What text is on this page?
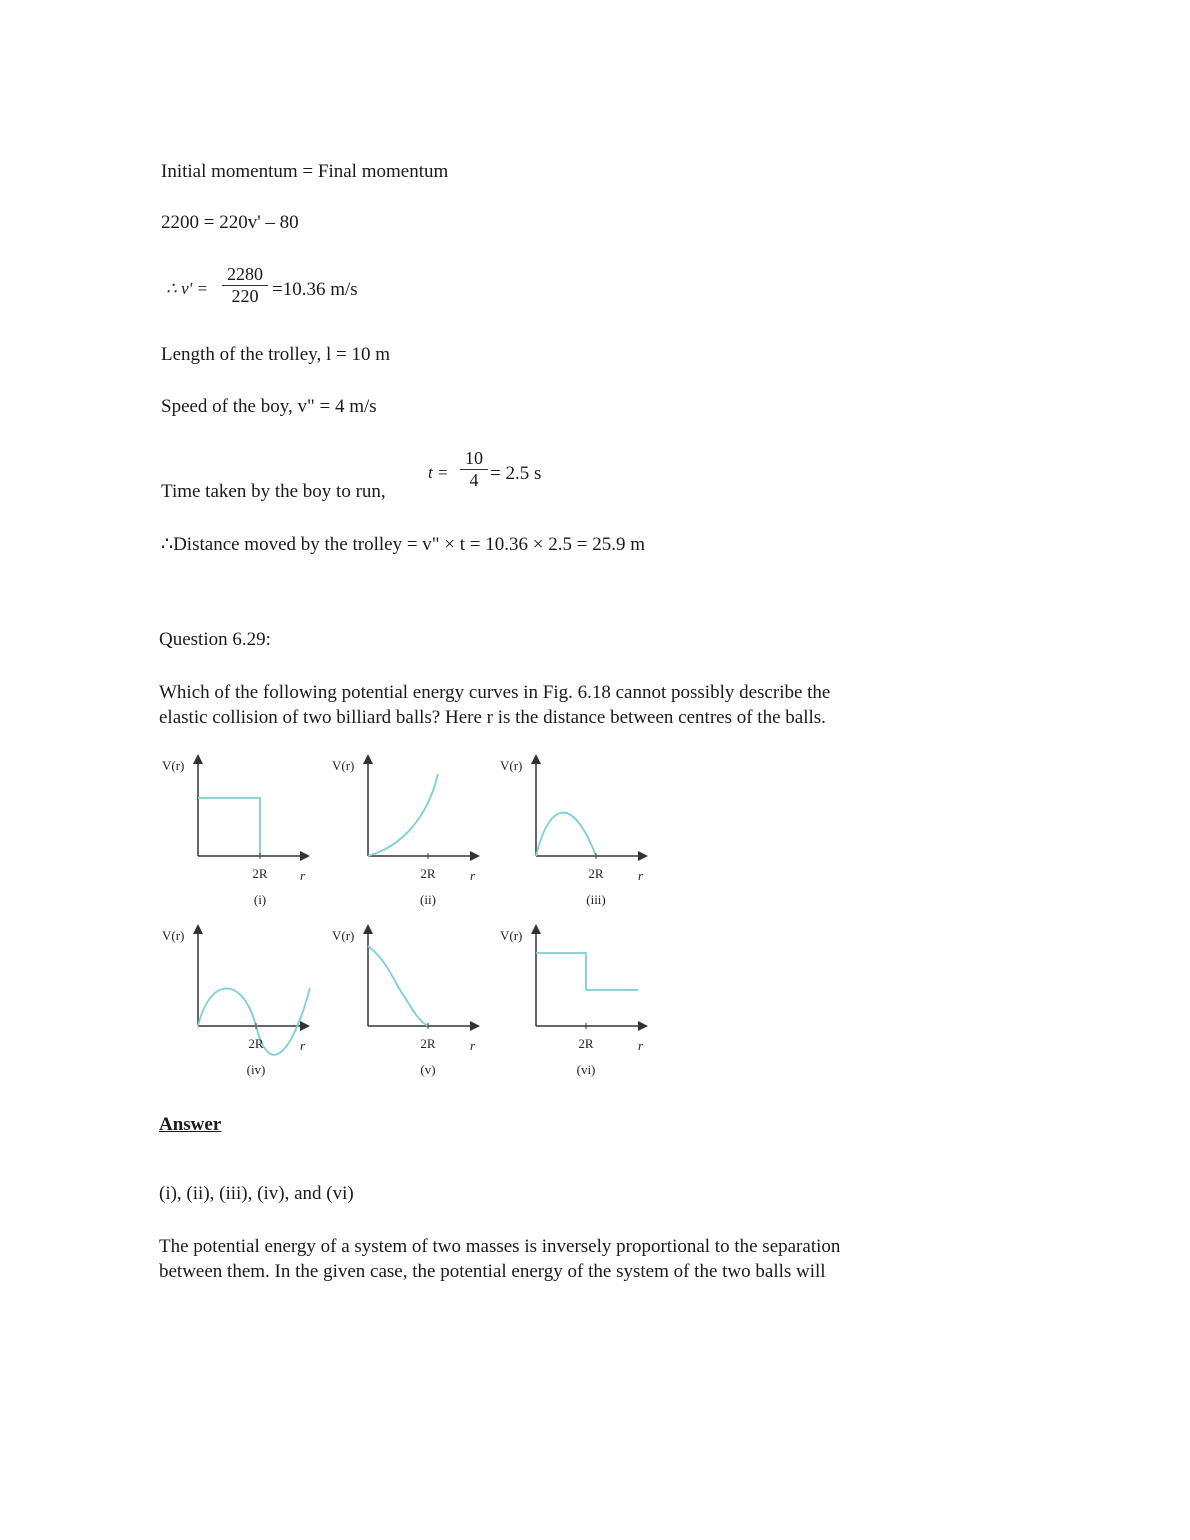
Initial momentum = Final momentum
2200 = 220v' – 80
∴ $v' = \frac{2280}{220} =10.36$ m/s
Length of the trolley, l = 10 m
Speed of the boy, v" = 4 m/s
Time taken by the boy to run,
$t = \frac{10}{4} = 2.5$ s
∴Distance moved by the trolley = v" × t = 10.36 × 2.5 = 25.9 m
Question 6.29:
Which of the following potential energy curves in Fig. 6.18 cannot possibly describe the
elastic collision of two billiard balls? Here r is the distance between centres of the balls.
V(r)
r
2R
(i)
V(r)
r
2R
(ii)
V(r)
r
2R
(iii)
V(r)
r
2R
(iv)
V(r)
r
2R
(v)
V(r)
r
2R
(vi)
Answer
(i), (ii), (iii), (iv), and (vi)
The potential energy of a system of two masses is inversely proportional to the separation
between them. In the given case, the potential energy of the system of the two balls will
